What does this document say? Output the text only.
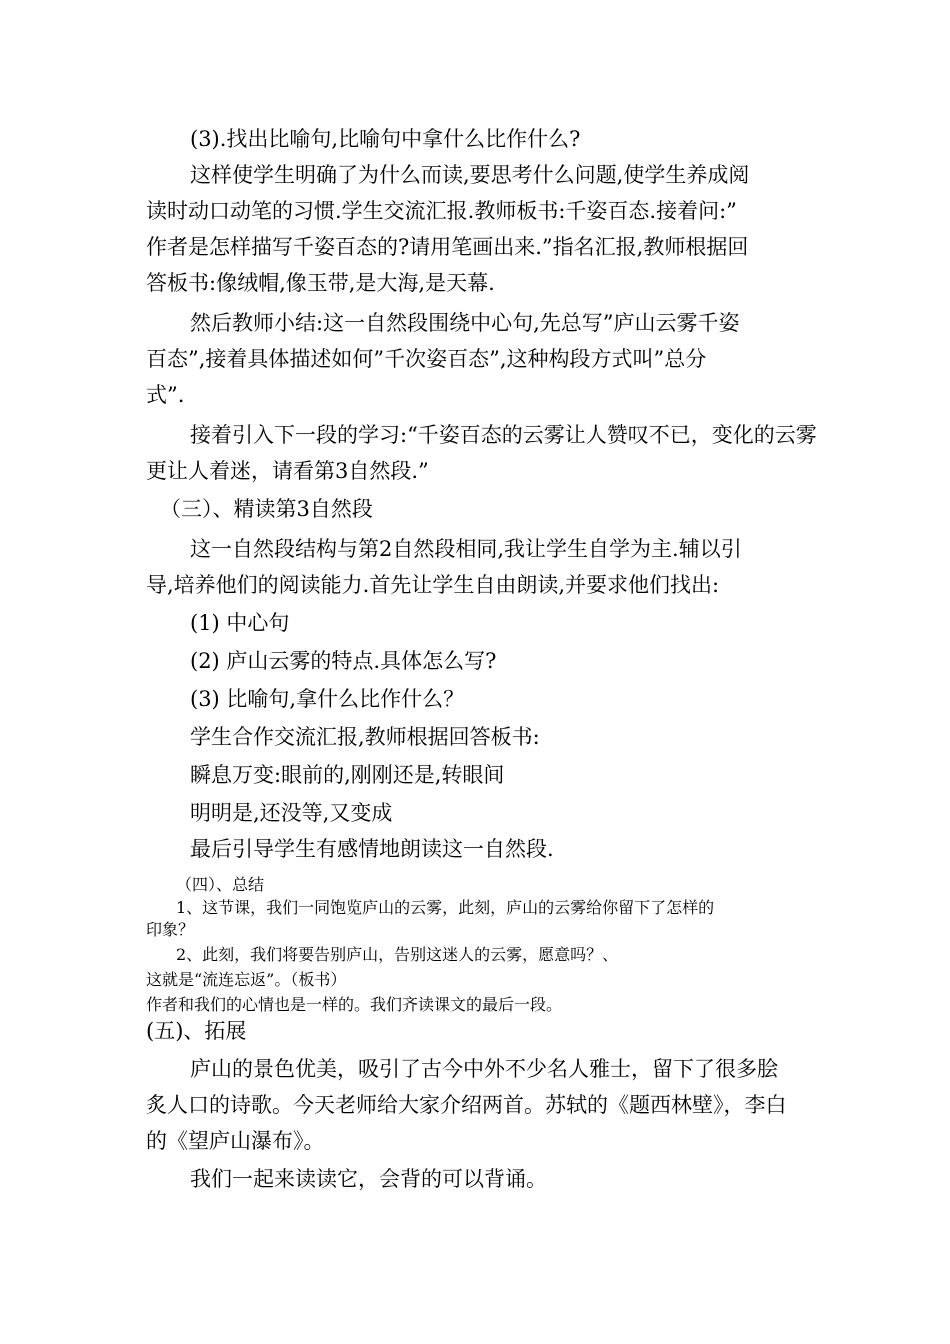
(3).找出比喻句,比喻句中拿什么比作什么?

这样使学生明确了为什么而读,要思考什么问题,使学生养成阅

读时动口动笔的习惯.学生交流汇报.教师板书:千姿百态.接着问:”

作者是怎样描写千姿百态的?请用笔画出来.”指名汇报,教师根据回

答板书:像绒帽,像玉带,是大海,是天幕.

然后教师小结:这一自然段围绕中心句,先总写”庐山云雾千姿

百态”,接着具体描述如何”千次姿百态”,这种构段方式叫”总分

式”.

接着引入下一段的学习:“千姿百态的云雾让人赞叹不已，变化的云雾

更让人着迷，请看第3自然段.”

（三）、精读第3自然段

这一自然段结构与第2自然段相同,我让学生自学为主.辅以引

导,培养他们的阅读能力.首先让学生自由朗读,并要求他们找出:

(1) 中心句

(2) 庐山云雾的特点.具体怎么写?

(3) 比喻句,拿什么比作什么？

学生合作交流汇报,教师根据回答板书:

瞬息万变:眼前的,刚刚还是,转眼间

明明是,还没等,又变成

最后引导学生有感情地朗读这一自然段.

（四）、总结

1、这节课，我们一同饱览庐山的云雾，此刻，庐山的云雾给你留下了怎样的

印象？

2、此刻，我们将要告别庐山，告别这迷人的云雾，愿意吗？、

这就是“流连忘返”。（板书）

作者和我们的心情也是一样的。我们齐读课文的最后一段。

(五)、拓展

庐山的景色优美，吸引了古今中外不少名人雅士，留下了很多脍

炙人口的诗歌。今天老师给大家介绍两首。苏轼的《题西林壁》，李白

的《望庐山瀑布》。

我们一起来读读它，会背的可以背诵。
